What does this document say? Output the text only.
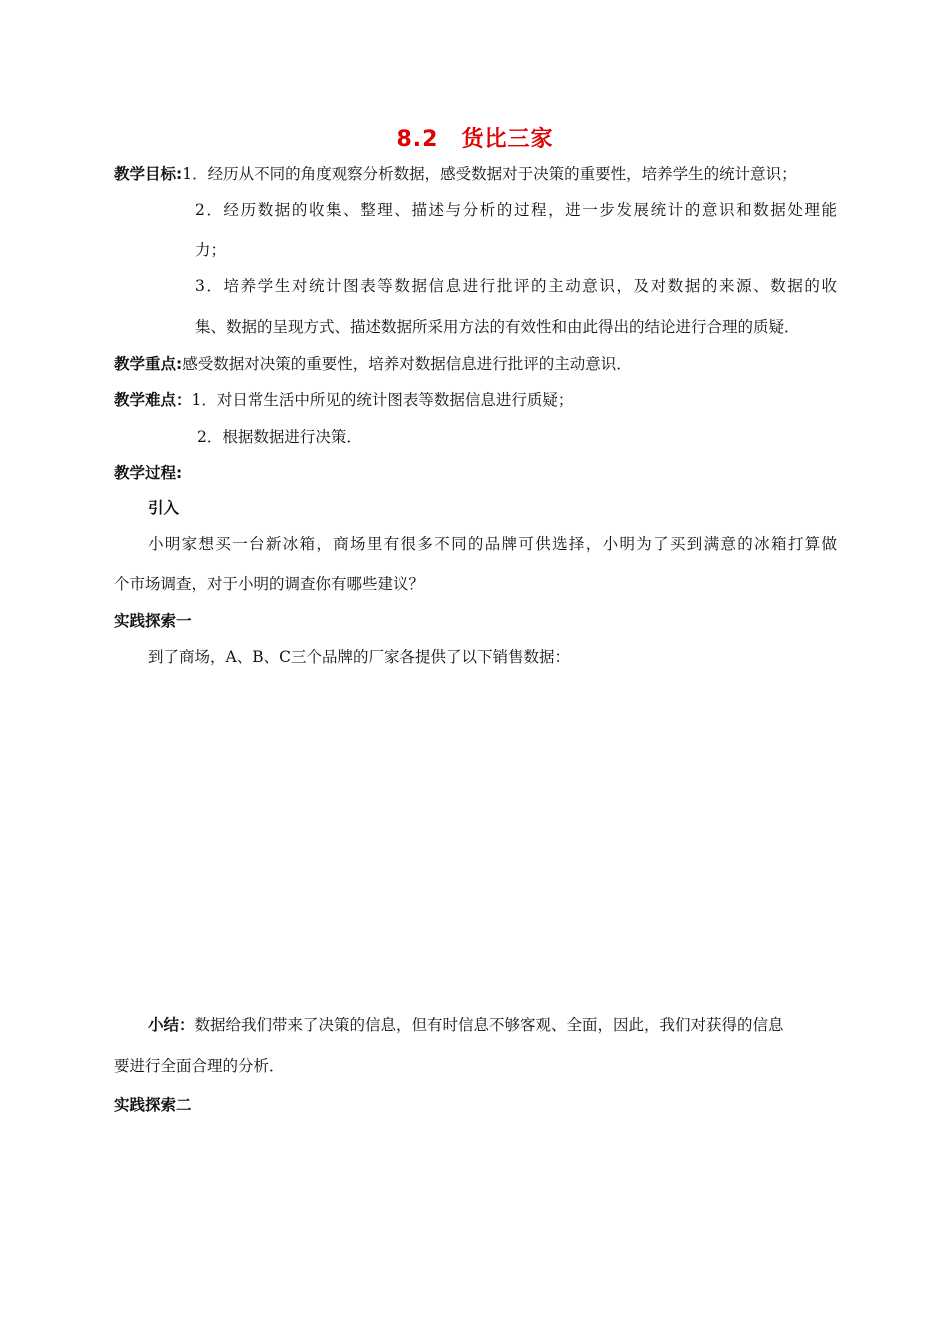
8.2　货比三家
教学目标:1．经历从不同的角度观察分析数据，感受数据对于决策的重要性，培养学生的统计意识；
2．经历数据的收集、整理、描述与分析的过程，进一步发展统计的意识和数据处理能
力；
3．培养学生对统计图表等数据信息进行批评的主动意识，及对数据的来源、数据的收
集、数据的呈现方式、描述数据所采用方法的有效性和由此得出的结论进行合理的质疑．
教学重点:感受数据对决策的重要性，培养对数据信息进行批评的主动意识．
教学难点：1．对日常生活中所见的统计图表等数据信息进行质疑；
2．根据数据进行决策．
教学过程:
引入
小明家想买一台新冰箱，商场里有很多不同的品牌可供选择，小明为了买到满意的冰箱打算做
个市场调查，对于小明的调查你有哪些建议？
实践探索一
到了商场，A、B、C三个品牌的厂家各提供了以下销售数据：
小结：数据给我们带来了决策的信息，但有时信息不够客观、全面，因此，我们对获得的信息
要进行全面合理的分析．
实践探索二
